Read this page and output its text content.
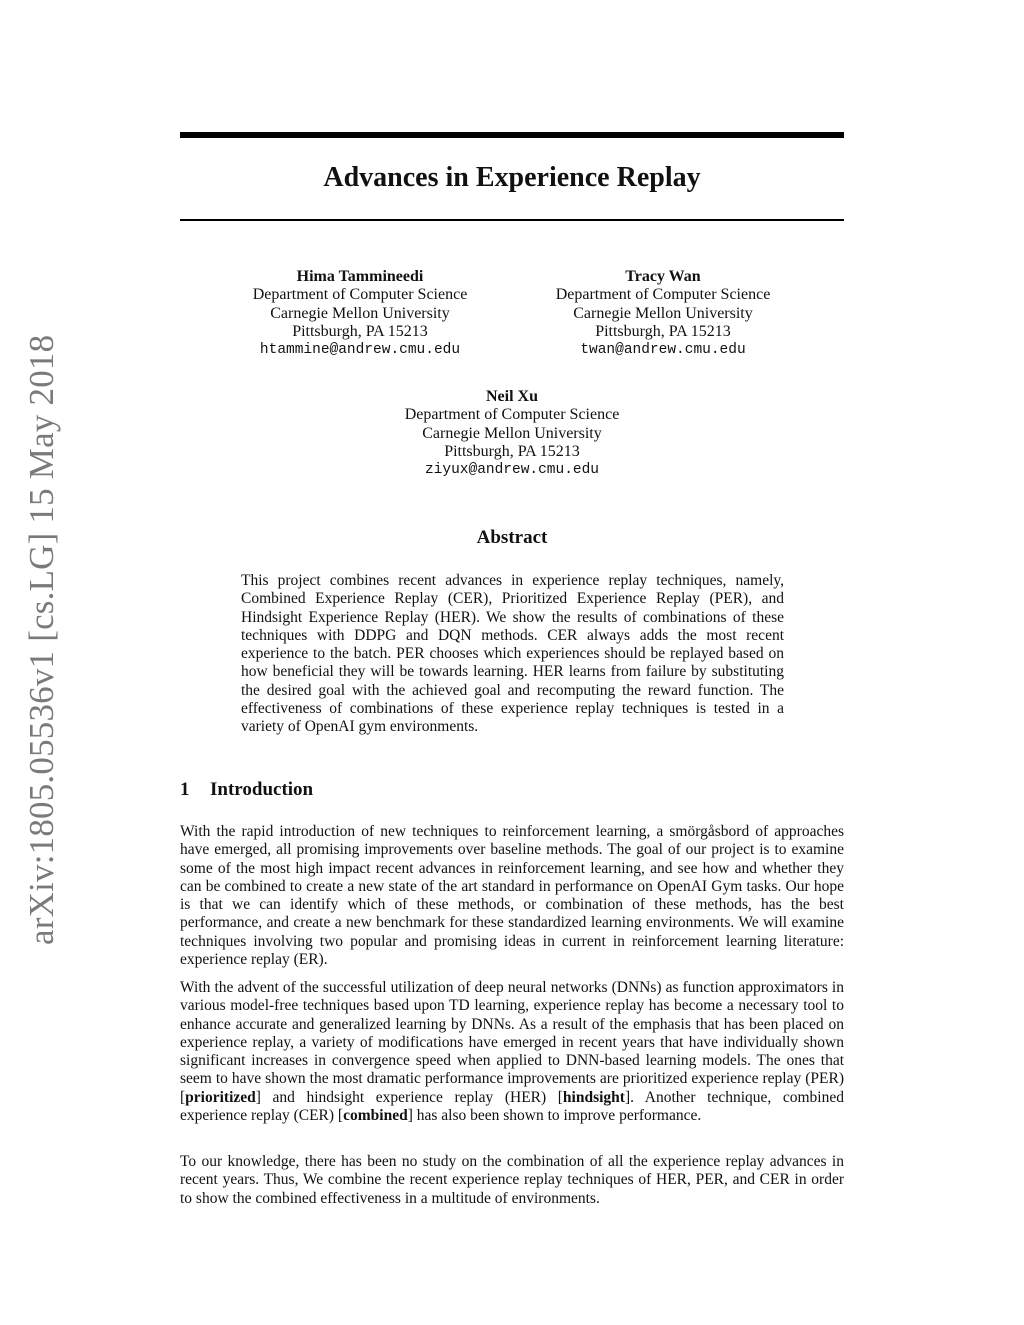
arXiv:1805.05536v1 [cs.LG] 15 May 2018
Advances in Experience Replay
Hima Tammineedi
Department of Computer Science
Carnegie Mellon University
Pittsburgh, PA 15213
htammine@andrew.cmu.edu
Tracy Wan
Department of Computer Science
Carnegie Mellon University
Pittsburgh, PA 15213
twan@andrew.cmu.edu
Neil Xu
Department of Computer Science
Carnegie Mellon University
Pittsburgh, PA 15213
ziyux@andrew.cmu.edu
Abstract

This project combines recent advances in experience replay techniques, namely, Combined Experience Replay (CER), Prioritized Experience Replay (PER), and Hindsight Experience Replay (HER). We show the results of combinations of these techniques with DDPG and DQN methods. CER always adds the most recent experience to the batch. PER chooses which experiences should be replayed based on how beneficial they will be towards learning. HER learns from failure by substituting the desired goal with the achieved goal and recomputing the reward function. The effectiveness of combinations of these experience replay techniques is tested in a variety of OpenAI gym environments.

1 Introduction

With the rapid introduction of new techniques to reinforcement learning, a smörgåsbord of approaches have emerged, all promising improvements over baseline methods. The goal of our project is to examine some of the most high impact recent advances in reinforcement learning, and see how and whether they can be combined to create a new state of the art standard in performance on OpenAI Gym tasks. Our hope is that we can identify which of these methods, or combination of these methods, has the best performance, and create a new benchmark for these standardized learning environments. We will examine techniques involving two popular and promising ideas in current in reinforcement learning literature: experience replay (ER).

With the advent of the successful utilization of deep neural networks (DNNs) as function approximators in various model-free techniques based upon TD learning, experience replay has become a necessary tool to enhance accurate and generalized learning by DNNs. As a result of the emphasis that has been placed on experience replay, a variety of modifications have emerged in recent years that have individually shown significant increases in convergence speed when applied to DNN-based learning models. The ones that seem to have shown the most dramatic performance improvements are prioritized experience replay (PER) [prioritized] and hindsight experience replay (HER) [hindsight]. Another technique, combined experience replay (CER) [combined] has also been shown to improve performance.

To our knowledge, there has been no study on the combination of all the experience replay advances in recent years. Thus, We combine the recent experience replay techniques of HER, PER, and CER in order to show the combined effectiveness in a multitude of environments.
